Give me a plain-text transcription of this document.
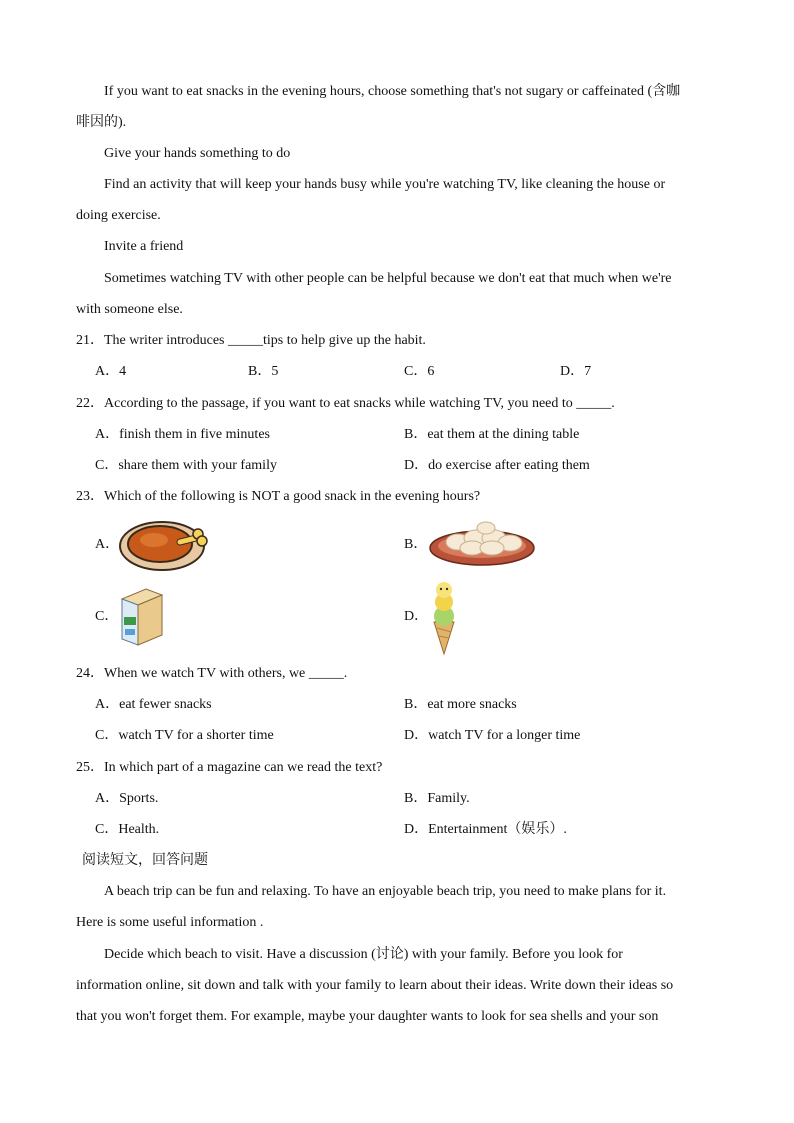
If you want to eat snacks in the evening hours, choose something that's not sugary or caffeinated (含咖
啡因的).
Give your hands something to do
Find an activity that will keep your hands busy while you're watching TV, like cleaning the house or
doing exercise.
Invite a friend
Sometimes watching TV with other people can be helpful because we don't eat that much when we're
with someone else.
21．The writer introduces _____tips to help give up the habit.
A．4	B．5	C．6	D．7
22．According to the passage, if you want to eat snacks while watching TV, you need to _____.
A．finish them in five minutes	B．eat them at the dining table
C．share them with your family	D．do exercise after eating them
23．Which of the following is NOT a good snack in the evening hours?
A．	B．
C．	D．
24．When we watch TV with others, we _____.
A．eat fewer snacks	B．eat more snacks
C．watch TV for a shorter time	D．watch TV for a longer time
25．In which part of a magazine can we read the text?
A．Sports.	B．Family.
C．Health.	D．Entertainment（娱乐）.
阅读短文，回答问题
A beach trip can be fun and relaxing. To have an enjoyable beach trip, you need to make plans for it.
Here is some useful information .
Decide which beach to visit. Have a discussion (讨论) with your family. Before you look for
information online, sit down and talk with your family to learn about their ideas. Write down their ideas so
that you won't forget them. For example, maybe your daughter wants to look for sea shells and your son
